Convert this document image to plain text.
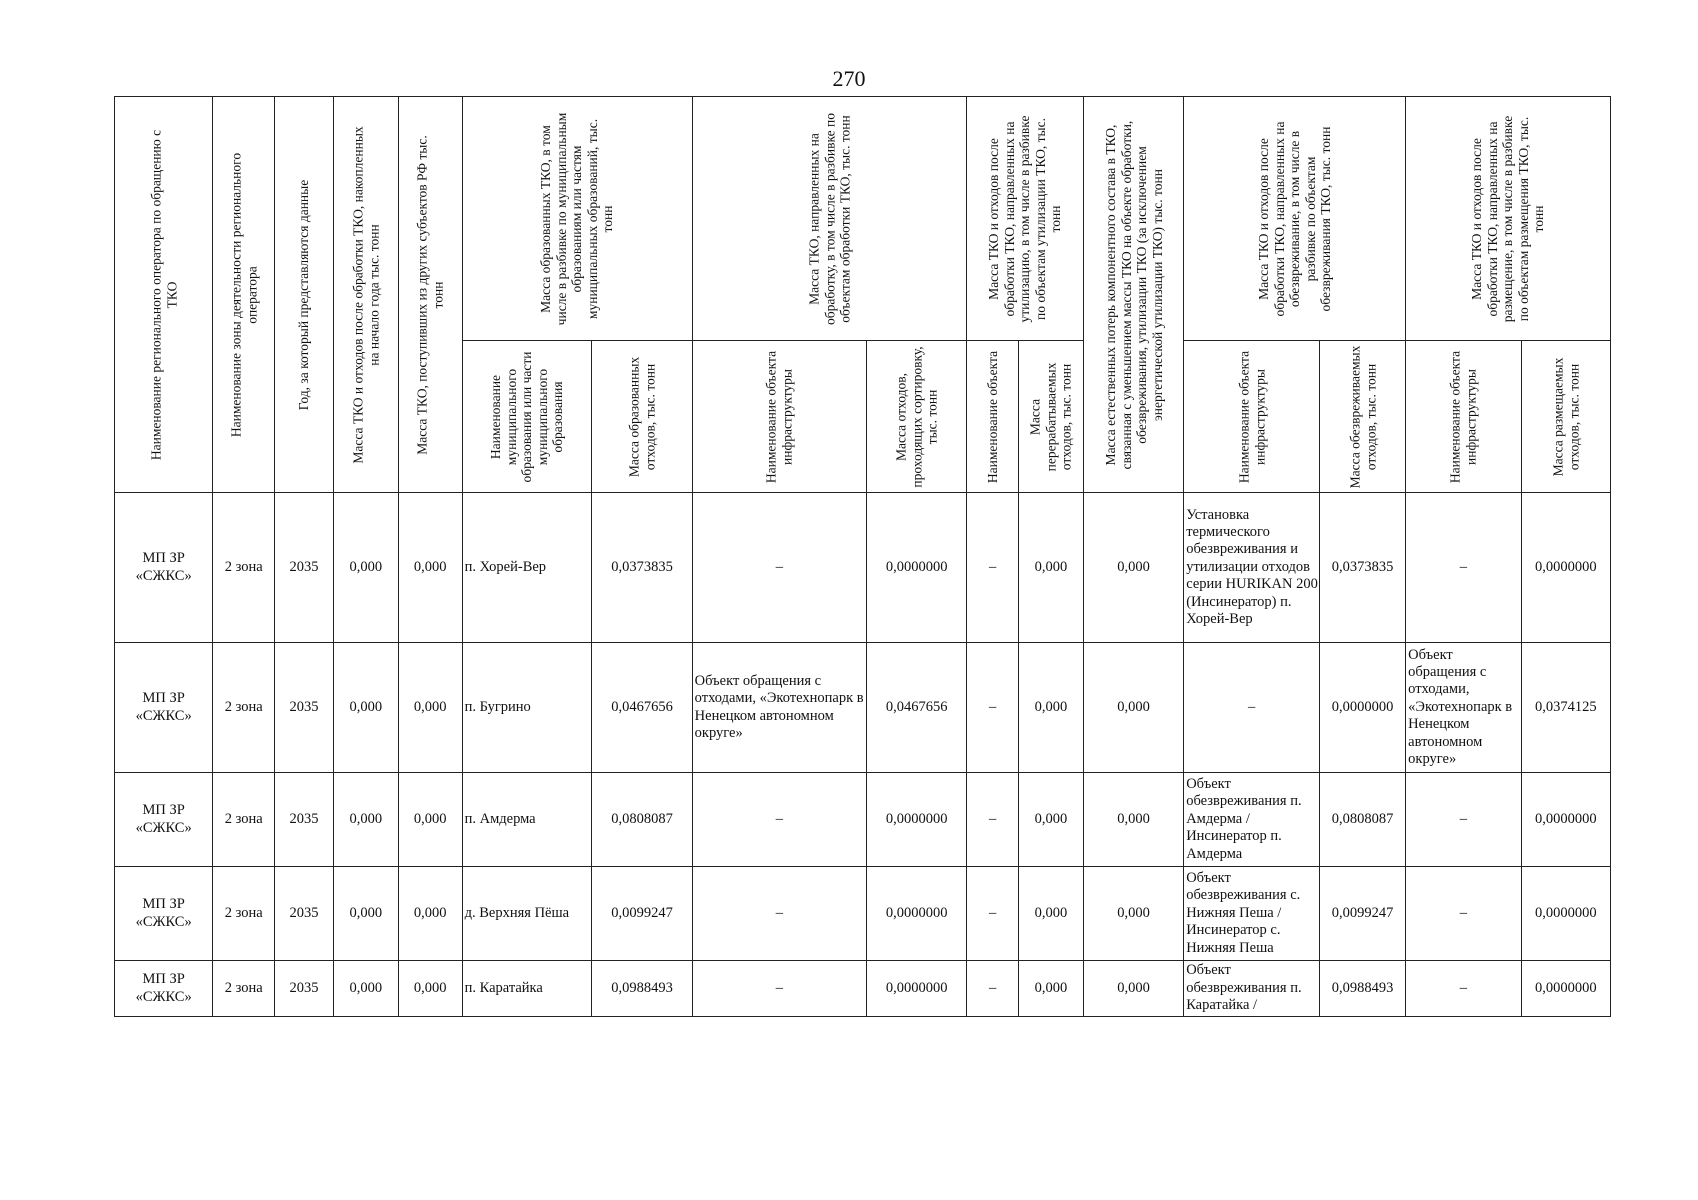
270
Наименование регионального оператора по обращению с ТКО	Наименование зоны деятельности регионального оператора	Год, за который представляются данные	Масса ТКО и отходов после обработки ТКО, накопленных на начало года тыс. тонн	Масса ТКО, поступивших из других субъектов РФ тыс. тонн	Масса образованных ТКО, в том числе в разбивке по муниципальным образованиям или частям муниципальных образований, тыс. тонн		Масса ТКО, направленных на обработку, в том числе в разбивке по объектам обработки ТКО, тыс. тонн		Масса ТКО и отходов после обработки ТКО, направленных на утилизацию, в том числе в разбивке по объектам утилизации ТКО, тыс. тонн		Масса естественных потерь компонентного состава в ТКО, связанная с уменьшением массы ТКО на объекте обработки, обезвреживания, утилизации ТКО (за исключением энергетической утилизации ТКО) тыс. тонн	Масса ТКО и отходов после обработки ТКО, направленных на обезвреживание, в том числе в разбивке по объектам обезвреживания ТКО, тыс. тонн		Масса ТКО и отходов после обработки ТКО, направленных на размещение, в том числе в разбивке по объектам размещения ТКО, тыс. тонн	

					Наименование муниципального образования или части муниципального образования	Масса образованных отходов, тыс. тонн	Наименование объекта инфраструктуры	Масса отходов, проходящих сортировку, тыс. тонн	Наименование объекта	Масса перерабатываемых отходов, тыс. тонн		Наименование объекта инфраструктуры	Масса обезвреживаемых отходов, тыс. тонн	Наименование объекта инфраструктуры	Масса размещаемых отходов, тыс. тонн

МП ЗР «СЖКС»	2 зона	2035	0,000	0,000	п. Хорей-Вер	0,0373835	–	0,0000000	–	0,000	0,000	Установка термического обезвреживания и утилизации отходов серии HURIKAN 200 (Инсинератор) п. Хорей-Вер	0,0373835	–	0,0000000
МП ЗР «СЖКС»	2 зона	2035	0,000	0,000	п. Бугрино	0,0467656	Объект обращения с отходами, «Экотехнопарк в Ненецком автономном округе»	0,0467656	–	0,000	0,000	–	0,0000000	Объект обращения с отходами, «Экотехнопарк в Ненецком автономном округе»	0,0374125
МП ЗР «СЖКС»	2 зона	2035	0,000	0,000	п. Амдерма	0,0808087	–	0,0000000	–	0,000	0,000	Объект обезвреживания п. Амдерма / Инсинератор п. Амдерма	0,0808087	–	0,0000000
МП ЗР «СЖКС»	2 зона	2035	0,000	0,000	д. Верхняя Пёша	0,0099247	–	0,0000000	–	0,000	0,000	Объект обезвреживания с. Нижняя Пеша / Инсинератор с. Нижняя Пеша	0,0099247	–	0,0000000
МП ЗР «СЖКС»	2 зона	2035	0,000	0,000	п. Каратайка	0,0988493	–	0,0000000	–	0,000	0,000	Объект обезвреживания п. Каратайка /	0,0988493	–	0,0000000
